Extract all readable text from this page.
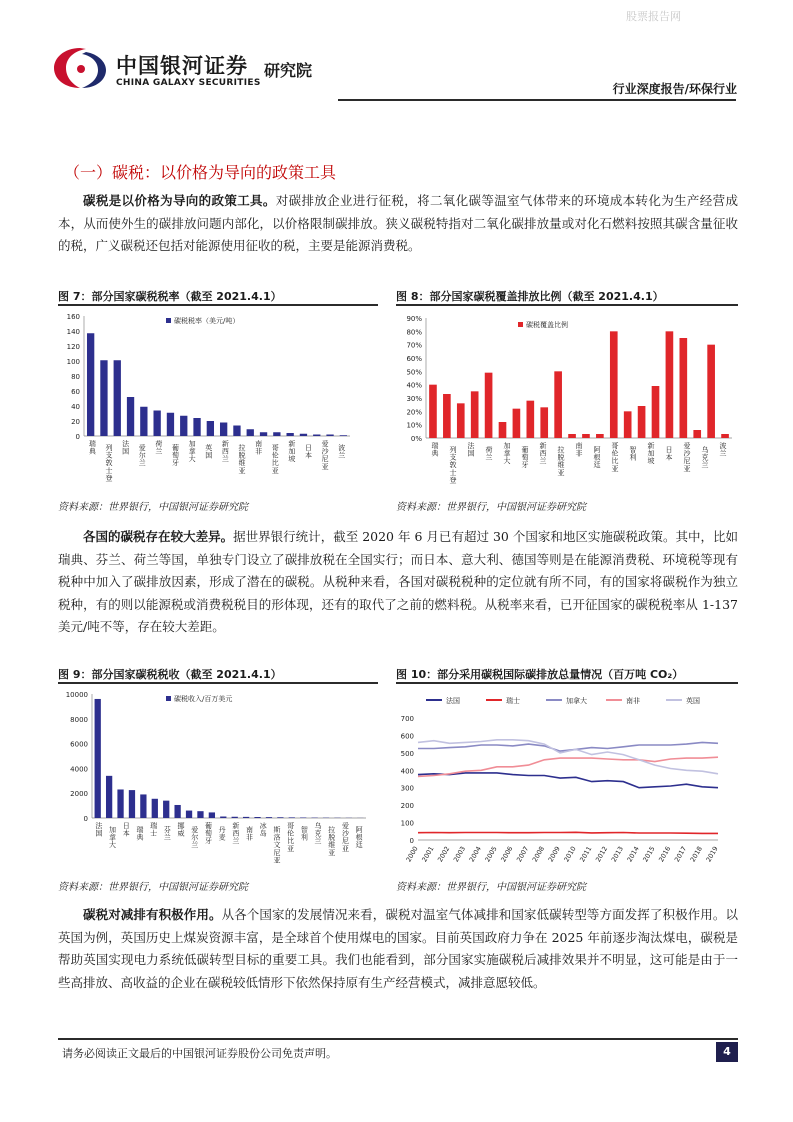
股票报告网
中国银河证券
CHINA GALAXY SECURITIES
研究院
行业深度报告/环保行业
（一）碳税：以价格为导向的政策工具

碳税是以价格为导向的政策工具。对碳排放企业进行征税，将二氧化碳等温室气体带来的环境成本转化为生产经营成本，从而使外生的碳排放问题内部化，以价格限制碳排放。狭义碳税特指对二氧化碳排放量或对化石燃料按照其碳含量征收的税，广义碳税还包括对能源使用征收的税，主要是能源消费税。

图 7：部分国家碳税税率（截至 2021.4.1）
0
20
40
60
80
100
120
140
160	碳税税率（美元/吨）
瑞典 列支敦士登
法国 爱尔兰
荷兰 葡萄牙
加拿大
英国
新西兰
拉脱维亚
南非 哥伦比亚
新加坡
日本
爱沙尼亚
波兰
资料来源：世界银行，中国银河证券研究院
图 8：部分国家碳税覆盖排放比例（截至 2021.4.1）
0%
10%
20%
30%
40%
50%
60%
70%
80%
90%
碳税覆盖比例
瑞典 列支敦士登
法国 荷兰
加拿大
葡萄牙
新西兰
拉脱维亚
南非 阿根廷
哥伦比亚
智利
新加坡
日本
爱沙尼亚
乌克兰
波兰
资料来源：世界银行，中国银河证券研究院

各国的碳税存在较大差异。据世界银行统计，截至 2020 年 6 月已有超过 30 个国家和地区实施碳税政策。其中，比如瑞典、芬兰、荷兰等国，单独专门设立了碳排放税在全国实行；而日本、意大利、德国等则是在能源消费税、环境税等现有税种中加入了碳排放因素，形成了潜在的碳税。从税种来看，各国对碳税税种的定位就有所不同，有的国家将碳税作为独立税种，有的则以能源税或消费税税目的形体现，还有的取代了之前的燃料税。从税率来看，已开征国家的碳税税率从 1-137 美元/吨不等，存在较大差距。

图 9：部分国家碳税税收（截至 2021.4.1）
0
2000
4000
6000
8000
10000	碳税收入/百万美元
法国 加拿大
日本 瑞典
瑞士 芬兰
挪威 爱尔兰
葡萄牙
丹麦
新西兰
南非
冰岛 斯洛文尼亚
哥伦比亚
智利
乌克兰
拉脱维亚
爱沙尼亚
阿根廷
资料来源：世界银行，中国银河证券研究院
图 10：部分采用碳税国际碳排放总量情况（百万吨 CO₂）
0
100
200
300
400
500
600
700
法国	瑞士	加拿大	南非	英国
2000 2001 2002 2003 2004 2005 2006 2007 2008 2009 2010 2011 2012 2013 2014 2015 2016 2017 2018 2019
资料来源：世界银行，中国银河证券研究院

碳税对减排有积极作用。从各个国家的发展情况来看，碳税对温室气体减排和国家低碳转型等方面发挥了积极作用。以英国为例，英国历史上煤炭资源丰富，是全球首个使用煤电的国家。目前英国政府力争在 2025 年前逐步淘汰煤电，碳税是帮助英国实现电力系统低碳转型目标的重要工具。我们也能看到，部分国家实施碳税后减排效果并不明显，这可能是由于一些高排放、高收益的企业在碳税较低情形下依然保持原有生产经营模式，减排意愿较低。

请务必阅读正文最后的中国银河证券股份公司免责声明。	4
